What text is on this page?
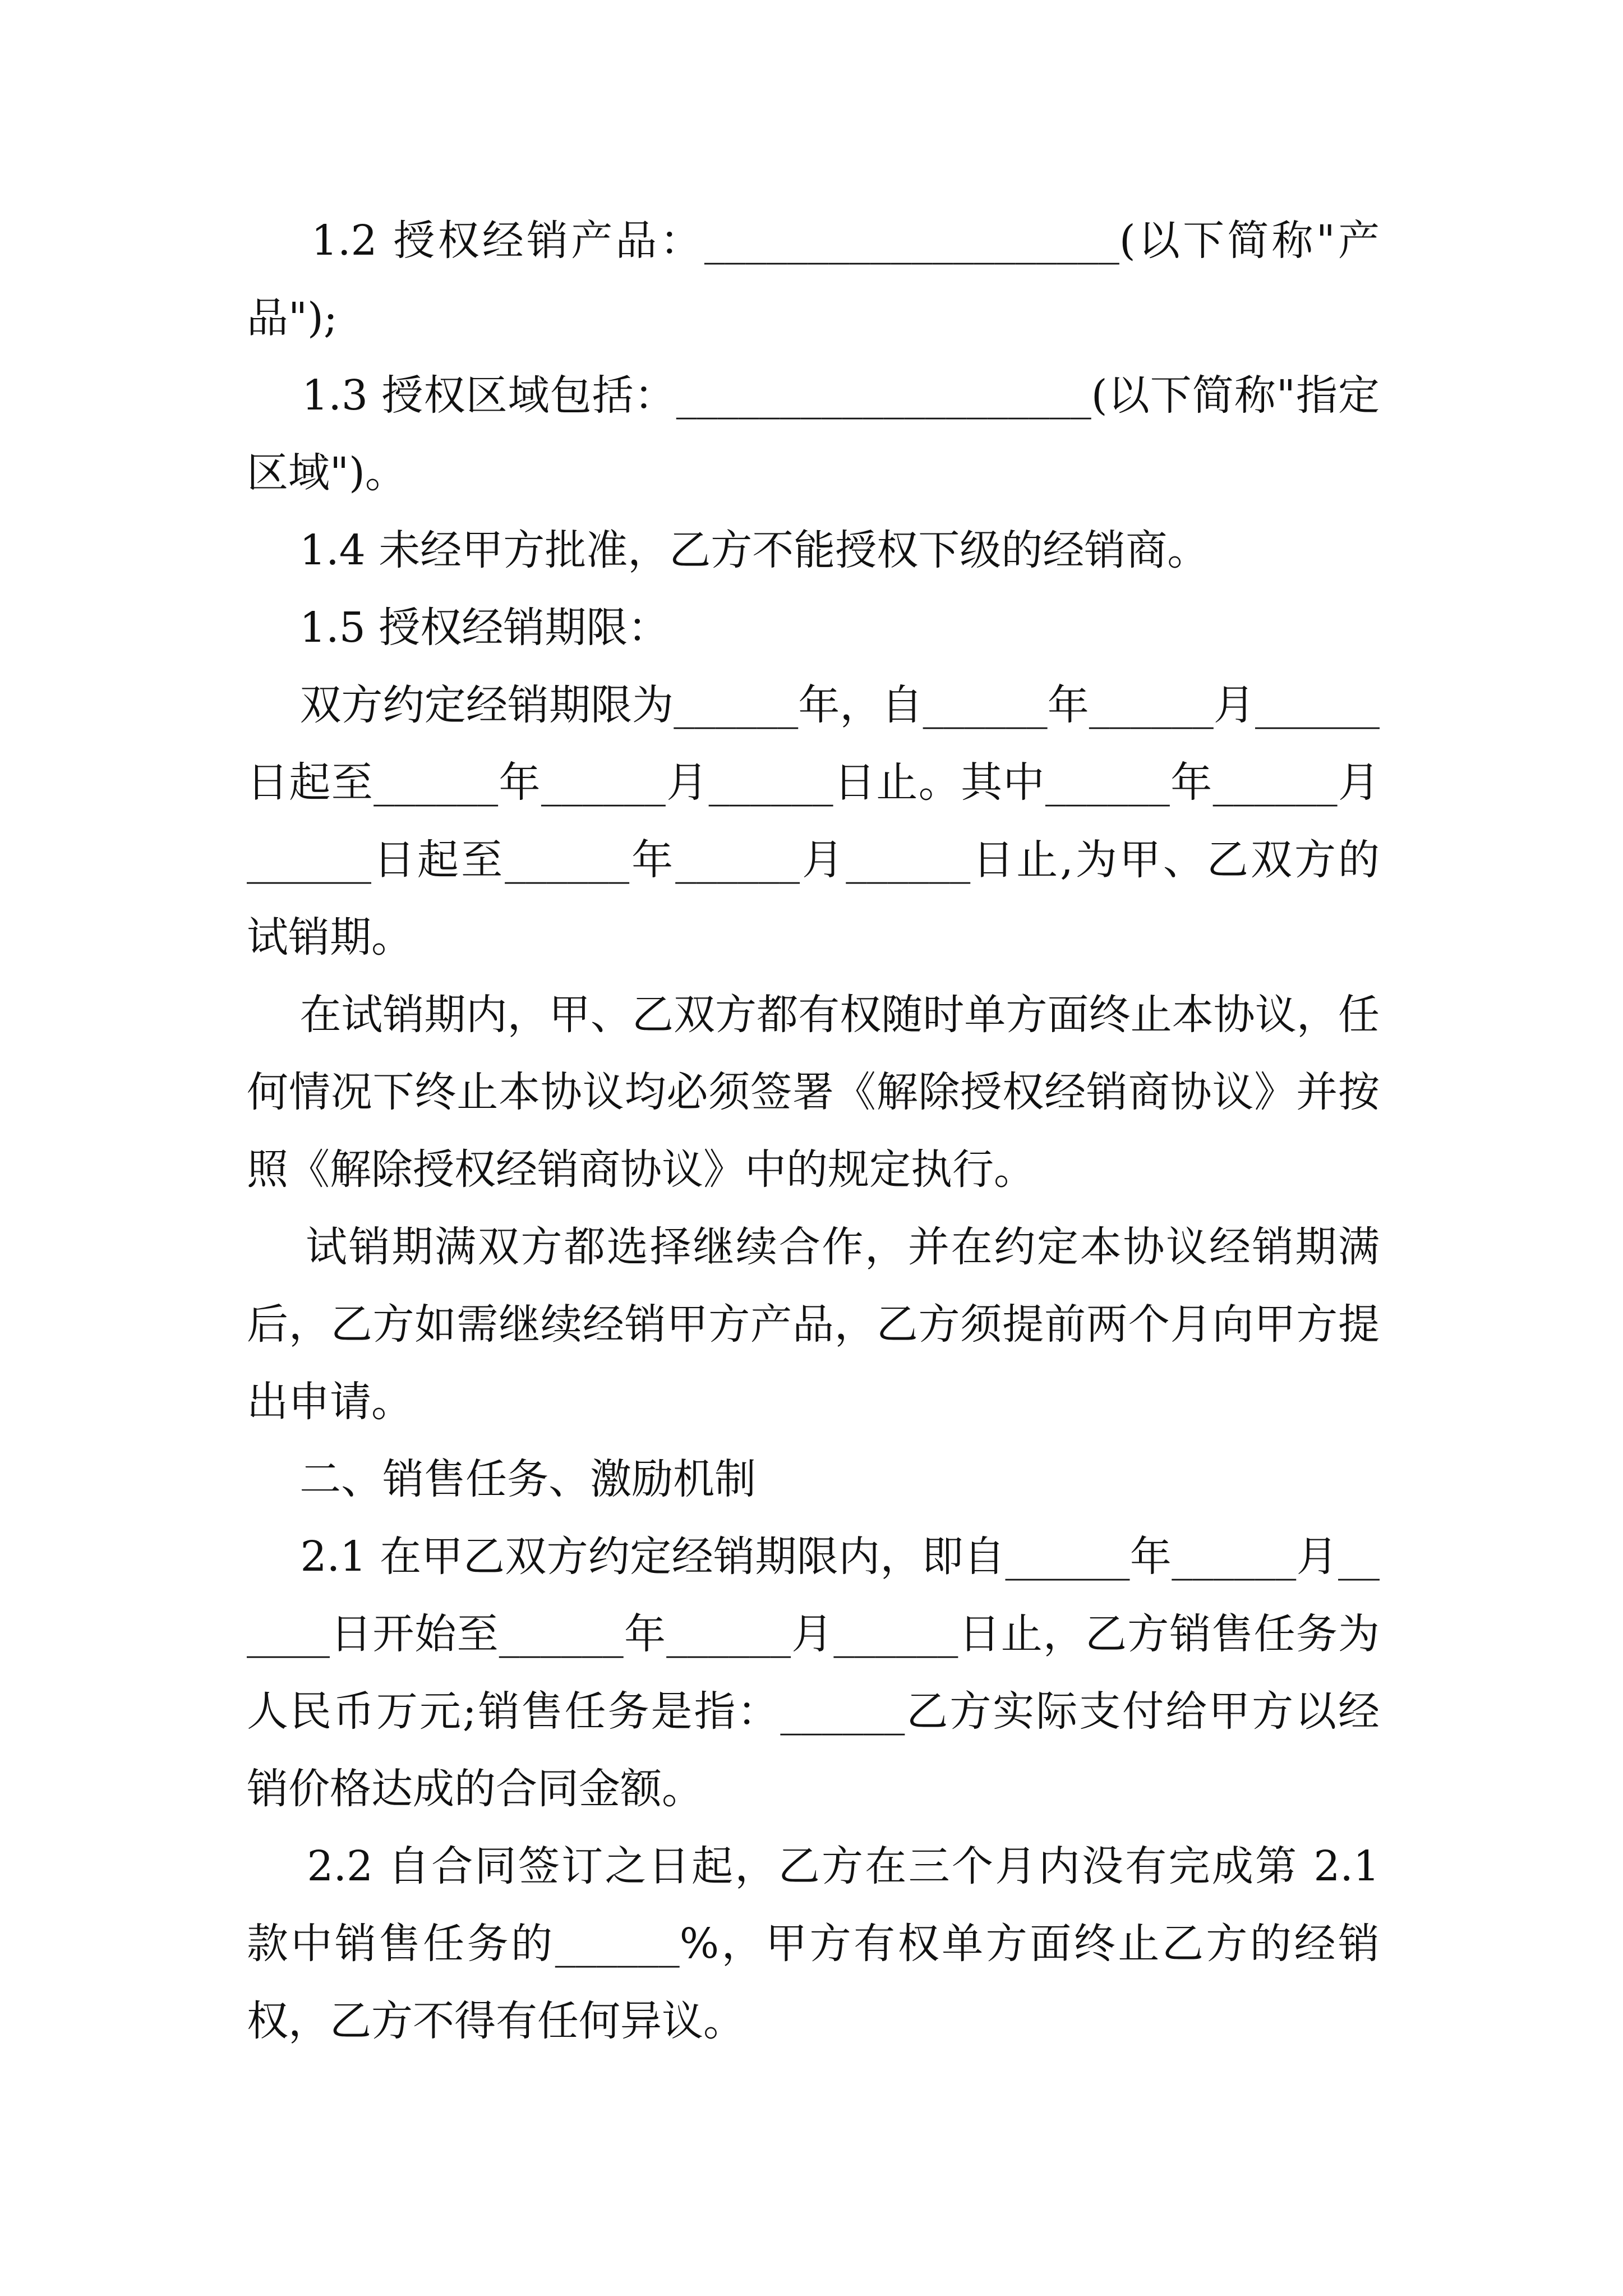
1.2 授权经销产品：____________________(以下简称"产品");

1.3 授权区域包括：____________________(以下简称"指定区域")。

1.4 未经甲方批准，乙方不能授权下级的经销商。

1.5 授权经销期限：

双方约定经销期限为______年，自______年______月______日起至______年______月______日止。其中______年______月______日起至______年______月______日止,为甲、乙双方的试销期。

在试销期内，甲、乙双方都有权随时单方面终止本协议，任何情况下终止本协议均必须签署《解除授权经销商协议》并按照《解除授权经销商协议》中的规定执行。

试销期满双方都选择继续合作，并在约定本协议经销期满后，乙方如需继续经销甲方产品，乙方须提前两个月向甲方提出申请。

二、销售任务、激励机制

2.1 在甲乙双方约定经销期限内，即自______年______月______日开始至______年______月______日止，乙方销售任务为人民币万元;销售任务是指：______乙方实际支付给甲方以经销价格达成的合同金额。

2.2 自合同签订之日起，乙方在三个月内没有完成第 2.1 款中销售任务的______%，甲方有权单方面终止乙方的经销权，乙方不得有任何异议。
